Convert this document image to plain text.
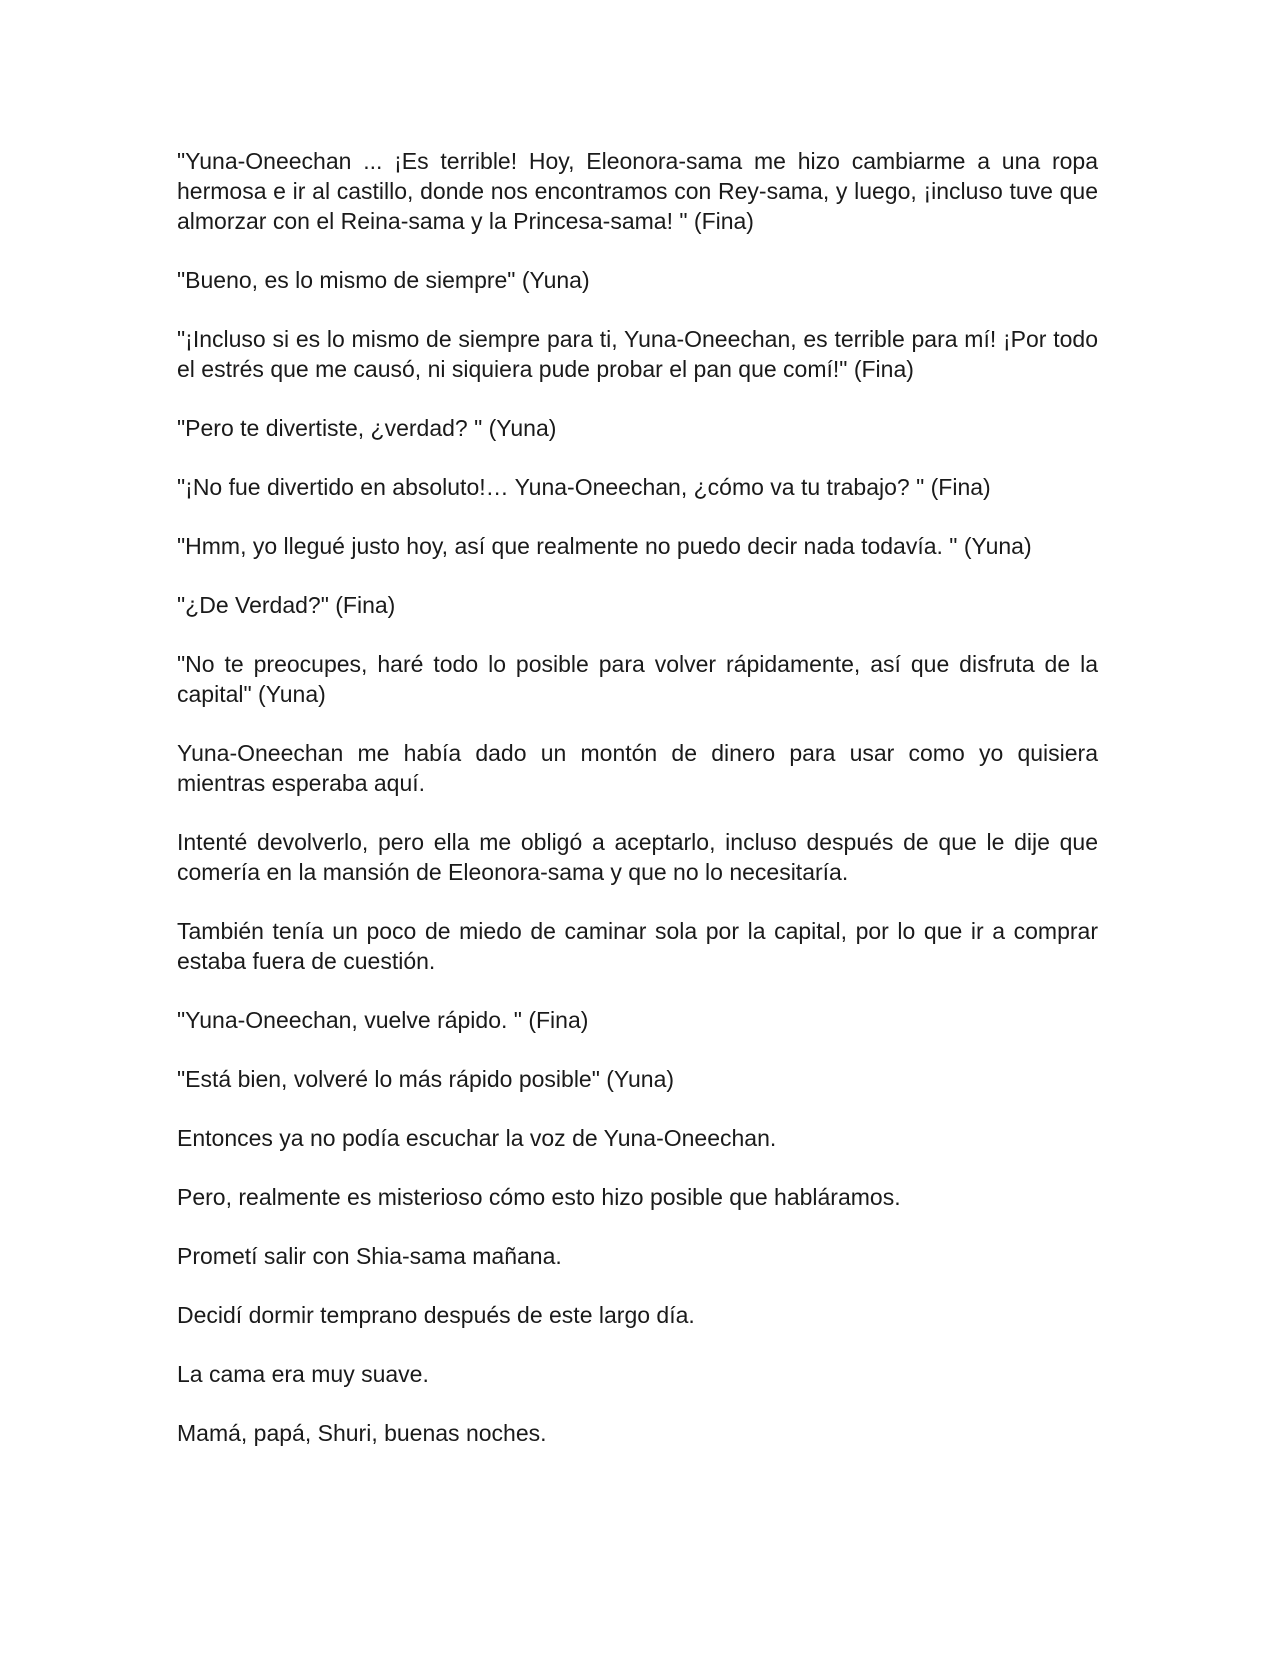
"Yuna-Oneechan ... ¡Es terrible! Hoy, Eleonora-sama me hizo cambiarme a una ropa hermosa e ir al castillo, donde nos encontramos con Rey-sama, y luego, ¡incluso tuve que almorzar con el Reina-sama y la Princesa-sama! " (Fina)

"Bueno, es lo mismo de siempre" (Yuna)

"¡Incluso si es lo mismo de siempre para ti, Yuna-Oneechan, es terrible para mí! ¡Por todo el estrés que me causó, ni siquiera pude probar el pan que comí!" (Fina)

"Pero te divertiste, ¿verdad? " (Yuna)

"¡No fue divertido en absoluto!… Yuna-Oneechan, ¿cómo va tu trabajo? " (Fina)

"Hmm, yo llegué justo hoy, así que realmente no puedo decir nada todavía. " (Yuna)

"¿De Verdad?" (Fina)

"No te preocupes, haré todo lo posible para volver rápidamente, así que disfruta de la capital" (Yuna)

Yuna-Oneechan me había dado un montón de dinero para usar como yo quisiera mientras esperaba aquí.

Intenté devolverlo, pero ella me obligó a aceptarlo, incluso después de que le dije que comería en la mansión de Eleonora-sama y que no lo necesitaría.

También tenía un poco de miedo de caminar sola por la capital, por lo que ir a comprar estaba fuera de cuestión.

"Yuna-Oneechan, vuelve rápido. " (Fina)

"Está bien, volveré lo más rápido posible" (Yuna)

Entonces ya no podía escuchar la voz de Yuna-Oneechan.

Pero, realmente es misterioso cómo esto hizo posible que habláramos.

Prometí salir con Shia-sama mañana.

Decidí dormir temprano después de este largo día.

La cama era muy suave.

Mamá, papá, Shuri, buenas noches.
